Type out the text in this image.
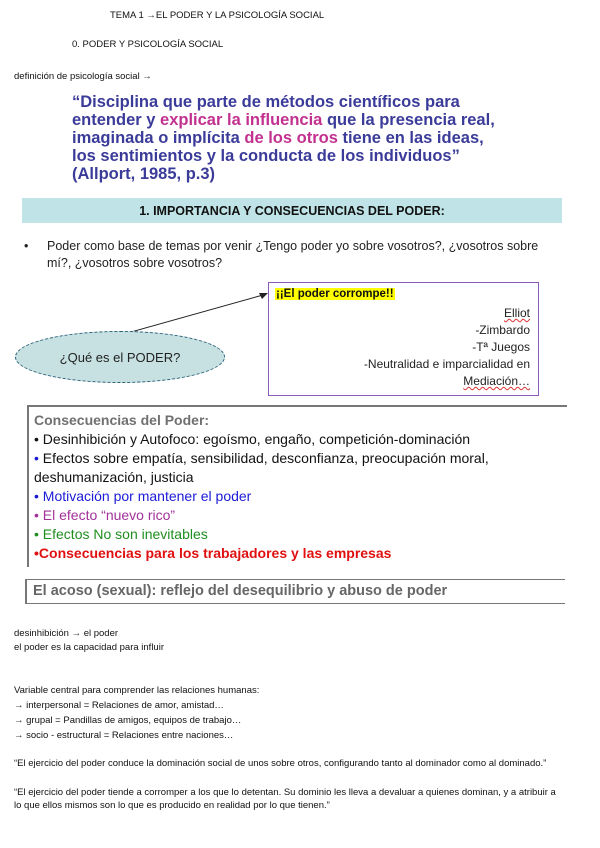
TEMA 1 →EL PODER Y LA PSICOLOGÍA SOCIAL
0. PODER Y PSICOLOGÍA SOCIAL
definición de psicología social →
“Disciplina que parte de métodos científicos para entender y explicar la influencia que la presencia real, imaginada o implícita de los otros tiene en las ideas, los sentimientos y la conducta de los individuos” (Allport, 1985, p.3)
1. IMPORTANCIA Y CONSECUENCIAS DEL PODER:
• Poder como base de temas por venir ¿Tengo poder yo sobre vosotros?, ¿vosotros sobre mí?, ¿vosotros sobre vosotros?
¡¡El poder corrompe!!
Elliot
-Zimbardo
-Tª Juegos
-Neutralidad e imparcialidad en
Mediación…
¿Qué es el PODER?
Consecuencias del Poder:
• Desinhibición y Autofoco: egoísmo, engaño, competición-dominación
• Efectos sobre empatía, sensibilidad, desconfianza, preocupación moral, deshumanización, justicia
• Motivación por mantener el poder
• El efecto “nuevo rico”
• Efectos No son inevitables
•Consecuencias para los trabajadores y las empresas
El acoso (sexual): reflejo del desequilibrio y abuso de poder
desinhibición → el poder
el poder es la capacidad para influir
Variable central para comprender las relaciones humanas:
→ interpersonal = Relaciones de amor, amistad…
→ grupal = Pandillas de amigos, equipos de trabajo…
→ socio - estructural = Relaciones entre naciones…
“El ejercicio del poder conduce la dominación social de unos sobre otros, configurando tanto al dominador como al dominado.”
“El ejercicio del poder tiende a corromper a los que lo detentan. Su dominio les lleva a devaluar a quienes dominan, y a atribuir a lo que ellos mismos son lo que es producido en realidad por lo que tienen.”
